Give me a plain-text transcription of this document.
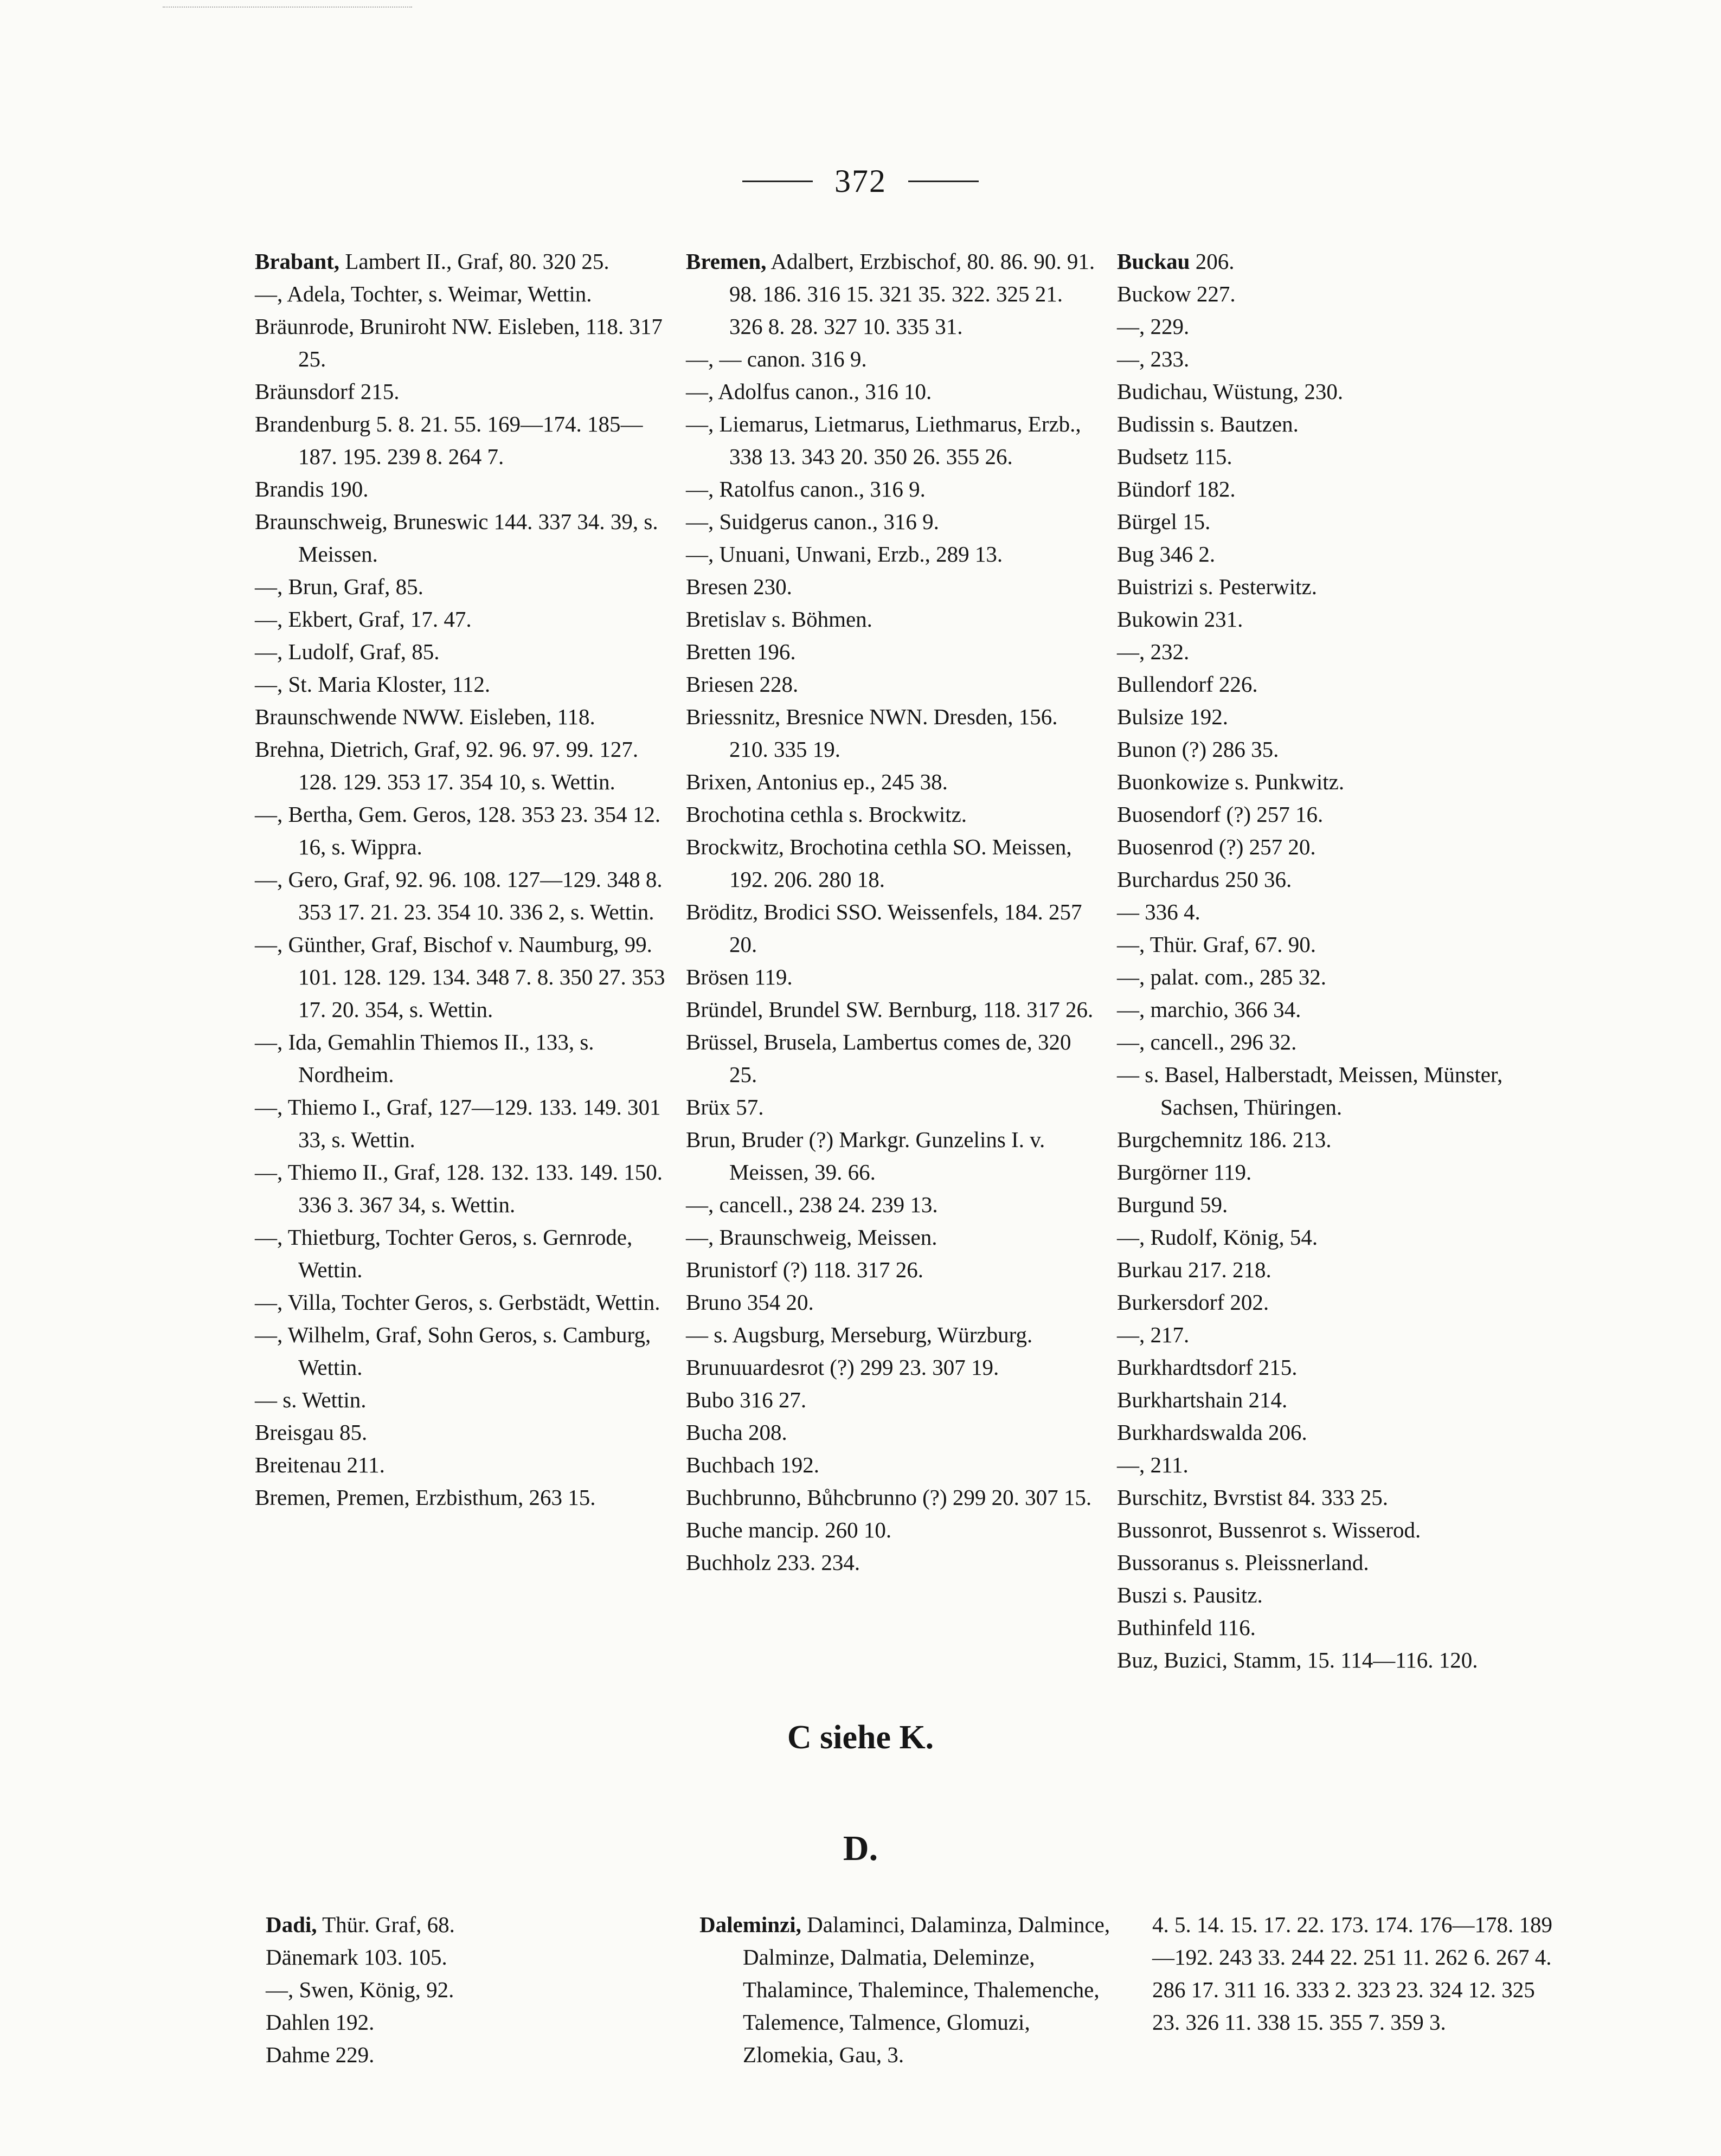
372
Brabant, Lambert II., Graf, 80. 320 25.
—, Adela, Tochter, s. Weimar, Wettin.
Bräunrode, Bruniroht NW. Eisleben, 118. 317 25.
Bräunsdorf 215.
Brandenburg 5. 8. 21. 55. 169—174. 185—187. 195. 239 8. 264 7.
Brandis 190.
Braunschweig, Bruneswic 144. 337 34. 39, s. Meissen.
—, Brun, Graf, 85.
—, Ekbert, Graf, 17. 47.
—, Ludolf, Graf, 85.
—, St. Maria Kloster, 112.
Braunschwende NWW. Eisleben, 118.
Brehna, Dietrich, Graf, 92. 96. 97. 99. 127. 128. 129. 353 17. 354 10, s. Wettin.
—, Bertha, Gem. Geros, 128. 353 23. 354 12. 16, s. Wippra.
—, Gero, Graf, 92. 96. 108. 127—129. 348 8. 353 17. 21. 23. 354 10. 336 2, s. Wettin.
—, Günther, Graf, Bischof v. Naumburg, 99. 101. 128. 129. 134. 348 7. 8. 350 27. 353 17. 20. 354, s. Wettin.
—, Ida, Gemahlin Thiemos II., 133, s. Nordheim.
—, Thiemo I., Graf, 127—129. 133. 149. 301 33, s. Wettin.
—, Thiemo II., Graf, 128. 132. 133. 149. 150. 336 3. 367 34, s. Wettin.
—, Thietburg, Tochter Geros, s. Gernrode, Wettin.
—, Villa, Tochter Geros, s. Gerbstädt, Wettin.
—, Wilhelm, Graf, Sohn Geros, s. Camburg, Wettin.
— s. Wettin.
Breisgau 85.
Breitenau 211.
Bremen, Premen, Erzbisthum, 263 15.
Bremen, Adalbert, Erzbischof, 80. 86. 90. 91. 98. 186. 316 15. 321 35. 322. 325 21. 326 8. 28. 327 10. 335 31.
—, — canon. 316 9.
—, Adolfus canon., 316 10.
—, Liemarus, Lietmarus, Liethmarus, Erzb., 338 13. 343 20. 350 26. 355 26.
—, Ratolfus canon., 316 9.
—, Suidgerus canon., 316 9.
—, Unuani, Unwani, Erzb., 289 13.
Bresen 230.
Bretislav s. Böhmen.
Bretten 196.
Briesen 228.
Briessnitz, Bresnice NWN. Dresden, 156. 210. 335 19.
Brixen, Antonius ep., 245 38.
Brochotina cethla s. Brockwitz.
Brockwitz, Brochotina cethla SO. Meissen, 192. 206. 280 18.
Bröditz, Brodici SSO. Weissenfels, 184. 257 20.
Brösen 119.
Bründel, Brundel SW. Bernburg, 118. 317 26.
Brüssel, Brusela, Lambertus comes de, 320 25.
Brüx 57.
Brun, Bruder (?) Markgr. Gunzelins I. v. Meissen, 39. 66.
—, cancell., 238 24. 239 13.
—, Braunschweig, Meissen.
Brunistorf (?) 118. 317 26.
Bruno 354 20.
— s. Augsburg, Merseburg, Würzburg.
Brunuuardesrot (?) 299 23. 307 19.
Bubo 316 27.
Bucha 208.
Buchbach 192.
Buchbrunno, Bůhcbrunno (?) 299 20. 307 15.
Buche mancip. 260 10.
Buchholz 233. 234.
Buckau 206.
Buckow 227.
—, 229.
—, 233.
Budichau, Wüstung, 230.
Budissin s. Bautzen.
Budsetz 115.
Bündorf 182.
Bürgel 15.
Bug 346 2.
Buistrizi s. Pesterwitz.
Bukowin 231.
—, 232.
Bullendorf 226.
Bulsize 192.
Bunon (?) 286 35.
Buonkowize s. Punkwitz.
Buosendorf (?) 257 16.
Buosenrod (?) 257 20.
Burchardus 250 36.
— 336 4.
—, Thür. Graf, 67. 90.
—, palat. com., 285 32.
—, marchio, 366 34.
—, cancell., 296 32.
— s. Basel, Halberstadt, Meissen, Münster, Sachsen, Thüringen.
Burgchemnitz 186. 213.
Burgörner 119.
Burgund 59.
—, Rudolf, König, 54.
Burkau 217. 218.
Burkersdorf 202.
—, 217.
Burkhardtsdorf 215.
Burkhartshain 214.
Burkhardswalda 206.
—, 211.
Burschitz, Bvrstist 84. 333 25.
Bussonrot, Bussenrot s. Wisserod.
Bussoranus s. Pleissnerland.
Buszi s. Pausitz.
Buthinfeld 116.
Buz, Buzici, Stamm, 15. 114—116. 120.
C siehe K.
D.
Dadi, Thür. Graf, 68.
Dänemark 103. 105.
—, Swen, König, 92.
Dahlen 192.
Dahme 229.
Daleminzi, Dalaminci, Dalaminza, Dalmince, Dalminze, Dalmatia, Deleminze, Thalamince, Thalemince, Thalemenche, Talemence, Talmence, Glomuzi, Zlomekia, Gau, 3.
4. 5. 14. 15. 17. 22. 173. 174. 176—178. 189—192. 243 33. 244 22. 251 11. 262 6. 267 4. 286 17. 311 16. 333 2. 323 23. 324 12. 325 23. 326 11. 338 15. 355 7. 359 3.
